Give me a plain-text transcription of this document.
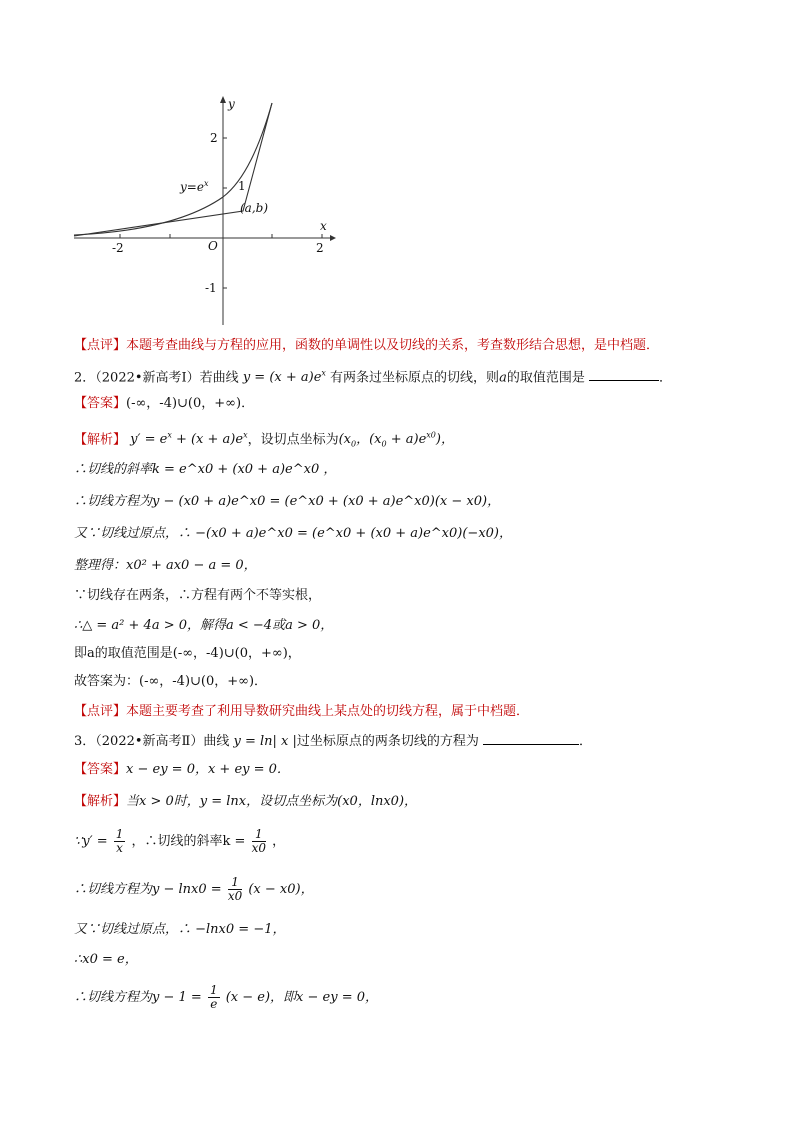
y
x
O
2
1
-1
-2	2
$y=e^x$
(a,b)
【点评】本题考查曲线与方程的应用，函数的单调性以及切线的关系，考查数形结合思想，是中档题．
2．（2022•新高考Ⅰ）若曲线 $y = (x + a)e^x$ 有两条过坐标原点的切线，则a的取值范围是	．
【答案】(-∞，-4)∪(0，+∞)．
【解析】 $y' = e^x + (x + a)e^x$，设切点坐标为($x_0$，$(x_0 + a)e^{x0}$)，
∴切线的斜率k = e^x0 + (x0 + a)e^x0 ，
∴切线方程为y − (x0 + a)e^x0 = (e^x0 + (x0 + a)e^x0)(x − x0)，
又∵切线过原点，∴ −(x0 + a)e^x0 = (e^x0 + (x0 + a)e^x0)(−x0)，
整理得：x0² + ax0 − a = 0，
∵切线存在两条，∴方程有两个不等实根，
∴△ = a² + 4a > 0，解得a < −4或a > 0，
即a的取值范围是(-∞，-4)∪(0，+∞)，
故答案为：(-∞，-4)∪(0，+∞)．
【点评】本题主要考查了利用导数研究曲线上某点处的切线方程，属于中档题．
3．（2022•新高考Ⅱ）曲线 y = ln| x |过坐标原点的两条切线的方程为	．
【答案】x − ey = 0，x + ey = 0．
【解析】当x > 0时，y = lnx，设切点坐标为(x0，lnx0)，
∵y′ = $\frac{1}{x}$ ，∴切线的斜率$k = \frac{1}{x0}$ ，
∴切线方程为$y - \ln x0 = \frac{1}{x0} (x - x0)$，
又∵切线过原点，∴ −lnx0 = −1，
∴x0 = e，
∴切线方程为$y - 1 = \frac{1}{e} (x - e)$，即x − ey = 0，
